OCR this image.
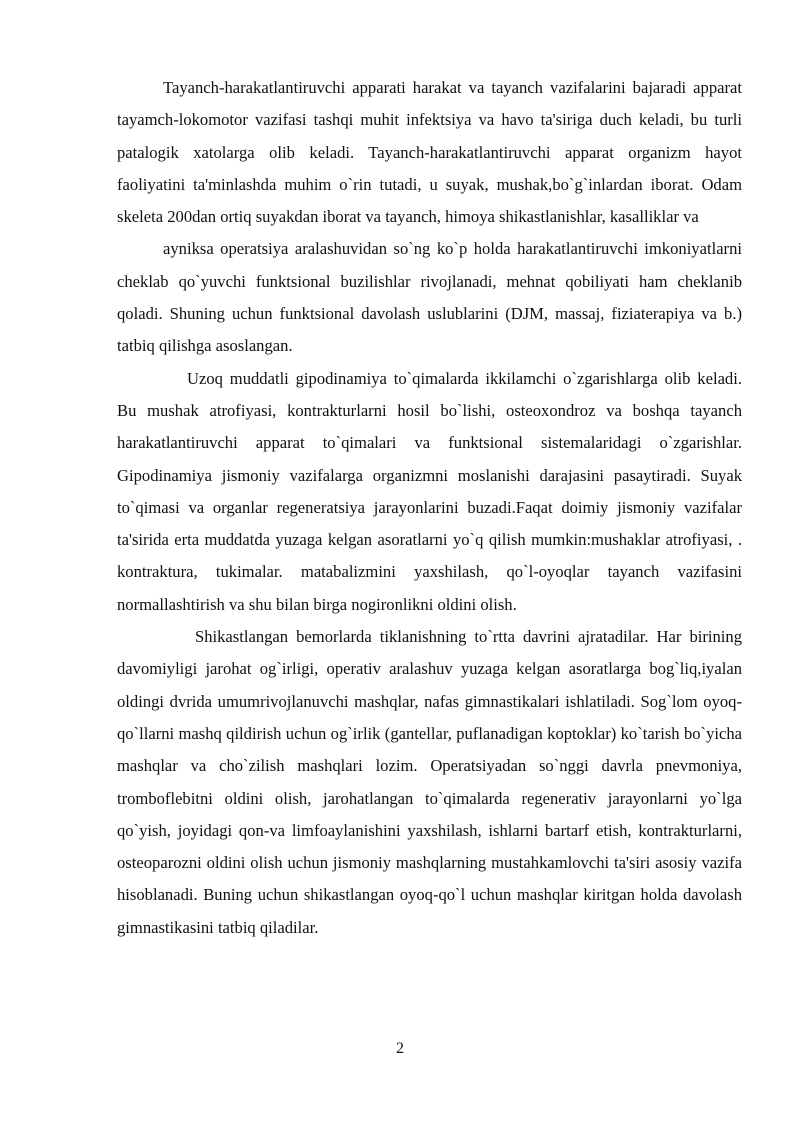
Tayanch-harakatlantiruvchi apparati harakat va tayanch vazifalarini bajaradi apparat tayamch-lokomotor vazifasi tashqi muhit infektsiya va havo ta'siriga duch keladi, bu turli patalogik xatolarga olib keladi. Tayanch-harakatlantiruvchi apparat organizm hayot faoliyatini ta'minlashda muhim o`rin tutadi, u suyak, mushak,bo`g`inlardan iborat. Odam skeleta 200dan ortiq suyakdan iborat va tayanch, himoya shikastlanishlar, kasalliklar va

ayniksa operatsiya aralashuvidan so`ng ko`p holda harakatlantiruvchi imkoniyatlarni cheklab qo`yuvchi funktsional buzilishlar rivojlanadi, mehnat qobiliyati ham cheklanib qoladi. Shuning uchun funktsional davolash uslublarini (DJM, massaj, fiziaterapiya va b.) tatbiq qilishga asoslangan.

Uzoq muddatli gipodinamiya to`qimalarda ikkilamchi o`zgarishlarga olib keladi. Bu mushak atrofiyasi, kontrakturlarni hosil bo`lishi, osteoxondroz va boshqa tayanch harakatlantiruvchi apparat to`qimalari va funktsional sistemalaridagi o`zgarishlar. Gipodinamiya jismoniy vazifalarga organizmni moslanishi darajasini pasaytiradi. Suyak to`qimasi va organlar regeneratsiya jarayonlarini buzadi.Faqat doimiy jismoniy vazifalar ta'sirida erta muddatda yuzaga kelgan asoratlarni yo`q qilish mumkin:mushaklar atrofiyasi, . kontraktura, tukimalar. matabalizmini yaxshilash, qo`l-oyoqlar tayanch vazifasini normallashtirish va shu bilan birga nogironlikni oldini olish.

Shikastlangan bemorlarda tiklanishning to`rtta davrini ajratadilar. Har birining davomiyligi jarohat og`irligi, operativ aralashuv yuzaga kelgan asoratlarga bog`liq,iyalan oldingi dvrida umumrivojlanuvchi mashqlar, nafas gimnastikalari ishlatiladi. Sog`lom oyoq-qo`llarni mashq qildirish uchun og`irlik (gantellar, puflanadigan koptoklar) ko`tarish bo`yicha mashqlar va cho`zilish mashqlari lozim. Operatsiyadan so`nggi davrla pnevmoniya, tromboflebitni oldini olish, jarohatlangan to`qimalarda regenerativ jarayonlarni yo`lga qo`yish, joyidagi qon-va limfoaylanishini yaxshilash, ishlarni bartarf etish, kontrakturlarni, osteoparozni oldini olish uchun jismoniy mashqlarning mustahkamlovchi ta'siri asosiy vazifa hisoblanadi. Buning uchun shikastlangan oyoq-qo`l uchun mashqlar kiritgan holda davolash gimnastikasini tatbiq qiladilar.

2
